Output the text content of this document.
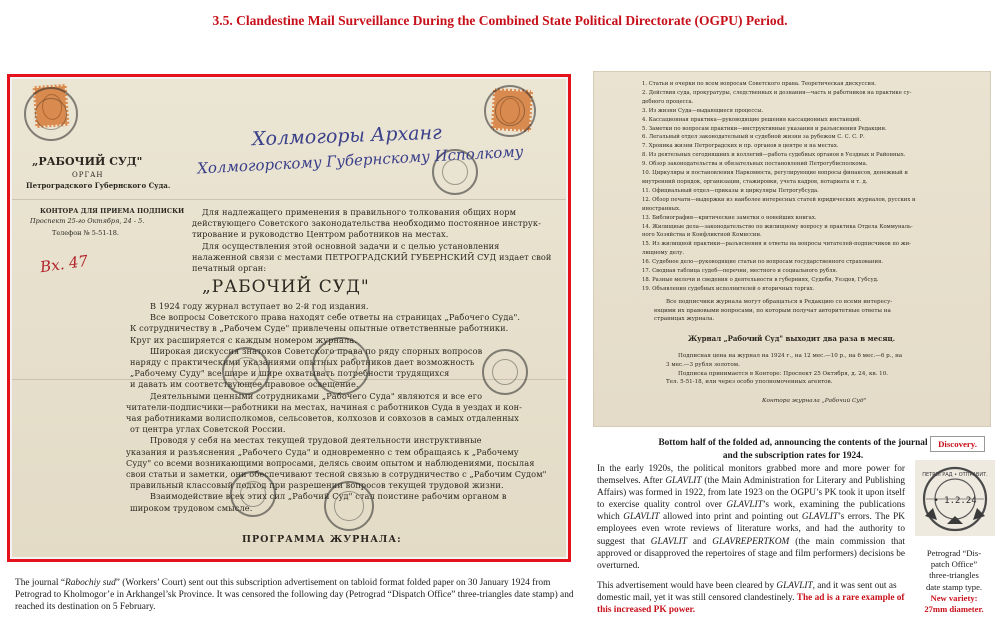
3.5. Clandestine Mail Surveillance During the Combined State Political Directorate (OGPU) Period.
„РАБОЧИЙ СУД"
ОРГАН
Петроградского Губернского Суда.
КОНТОРА ДЛЯ ПРИЕМА ПОДПИСКИ
Проспект 25-го Октября, 24 - 5.
Телефон № 5-51-18.
Холмогоры Арханг
Холмогорскому Губернскому Исполкому
Вх. 47
Для надлежащего применения в правильного толкования общих норм
действующего Советского законодательства необходимо постоянное инструк-
тирование и руководство Центром работников на местах.
Для осуществления этой основной задачи и с целью установления
налаженной связи с местами ПЕТРОГРАДСКИЙ ГУБЕРНСКИЙ СУД издает свой
печатный орган:
„РАБОЧИЙ СУД"
В 1924 году журнал вступает во 2-й год издания.
Все вопросы Советского права находят себе ответы на страницах „Рабочего Суда".
К сотрудничеству в „Рабочем Суде" привлечены опытные ответственные работники.
Круг их расширяется с каждым номером журнала.
Широкая дискуссия знатоков Советского права по ряду спорных вопросов
наряду с практическими указаниями опытных работников дает возможность
„Рабочему Суду" все шире и шире охватывать потребности трудящихся
и давать им соответствующее правовое освещение.
Деятельными ценными сотрудниками „Рабочего Суда" являются и все его
читатели-подписчики—работники на местах, начиная с работников Суда в уездах и кон-
чая работниками волисполкомов, сельсоветов, колхозов и совхозов в самых отдаленных
от центра углах Советской России.
Проводя у себя на местах текущей трудовой деятельности инструктивные
указания и разъяснения „Рабочего Суда" и одновременно с тем обращаясь к „Рабочему
Суду" со всеми возникающими вопросами, делясь своим опытом и наблюдениями, посылая
свои статьи и заметки, они обеспечивают тесной связью в сотрудничество с „Рабочим Судом"
правильный классовый подход при разрешении вопросов текущей трудовой жизни.
Взаимодействие всех этих сил „Рабочий Суд" стал поистине рабочим органом в
широком трудовом смысле.
ПРОГРАММА ЖУРНАЛА:
1. Статьи и очерки по всем вопросам Советского права. Теоретическая дискуссия.
2. Действия суда, прокуратуры, следственных и дознания—часть и работников на практике су-
дебного процесса.
3. Из жизни Суда—выдающиеся процессы.
4. Кассационная практика—руководящие решения кассационных инстанций.
5. Заметки по вопросам практики—инструктивные указания и разъяснения Редакции.
6. Легальный отдел законодательный и судебной жизни за рубежом С. С. С. Р.
7. Хроника жизни Петроградских и пр. органов в центре и на местах.
8. Из деятельных сегодняшних и коллегий—работа судебных органов в Уездных и Районных.
9. Обзор законодательства и обязательных постановлений Петрогубисполкома.
10. Циркуляры и постановления Наркомюста, регулирующие вопросы финансов, денежный и
внутренний порядок, организации, стажировки, учета кадров, нотариата и т. д.
11. Официальный отдел—приказы и циркуляры Петрогубсуда.
12. Обзор печати—выдержки из наиболее интересных статей юридических журналов, русских и
иностранных.
13. Библиография—критические заметки о новейших книгах.
14. Жилищные дела—законодательство по жилищному вопросу и практика Отдела Коммуналь-
ного Хозяйства и Конфликтной Комиссии.
15. Из жилищной практики—разъяснения и ответы на вопросы читателей-подписчиков по жи-
лищному делу.
16. Судебное дело—руководящие статьи по вопросам государственного страхования.
17. Сводная таблица судеб—перечни, местного и социального рубля.
18. Разные мелочи и сведения о деятельности в губерниях, Судебн, Уездов, Губсуд.
19. Объявления судебных исполнителей о вторичных торгах.
Все подписчики журнала могут обращаться в Редакцию со всеми интересу-
ющими их правовыми вопросами, по которым получат авторитетные ответы на
страницах журнала.
Журнал „Рабочий Суд" выходит два раза в месяц.
Подписная цена на журнал на 1924 г., на 12 мес.—10 р., на 6 мес.—6 р., на
3 мес.—3 рубля золотом.
Подписка принимается в Конторе: Проспект 25 Октября, д. 24, кв. 10.
Тел. 5-51-18, или через особо уполномоченных агентов.
Контора журнала „Рабочий Суд"
Bottom half of the folded ad, announcing the contents of the journal
and the subscription rates for 1924.
Discovery.
The journal “Rabochiy sud” (Workers’ Court) sent out this subscription advertisement on tabloid format folded paper on 30 January 1924 from Petrograd to Kholmogor’e in Arkhangel’sk Province. It was censored the following day (Petrograd “Dispatch Office” three-triangles date stamp) and reached its destination on 5 February.
In the early 1920s, the political monitors grabbed more and more power for themselves. After GLAVLIT (the Main Administration for Literary and Publishing Affairs) was formed in 1922, from late 1923 on the OGPU’s PK took it upon itself to exercise quality control over GLAVLIT’s work, examining the publications which GLAVLIT allowed into print and pointing out GLAVLIT’s errors. The PK employees even wrote reviews of literature works, and had the authority to suggest that GLAVLIT and GLAVREPERTKOM (the main commission that approved or disapproved the repertoires of stage and film performers) decisions be overturned.
This advertisement would have been cleared by GLAVLIT, and it was sent out as domestic mail, yet it was still censored clandestinely. The ad is a rare example of this increased PK power.
• 1.2.24
ПЕТРОГРАД • ОТПРАВИТ.
Petrograd “Dis-
patch Office”
three-triangles
date stamp type.
New variety:
27mm diameter.
